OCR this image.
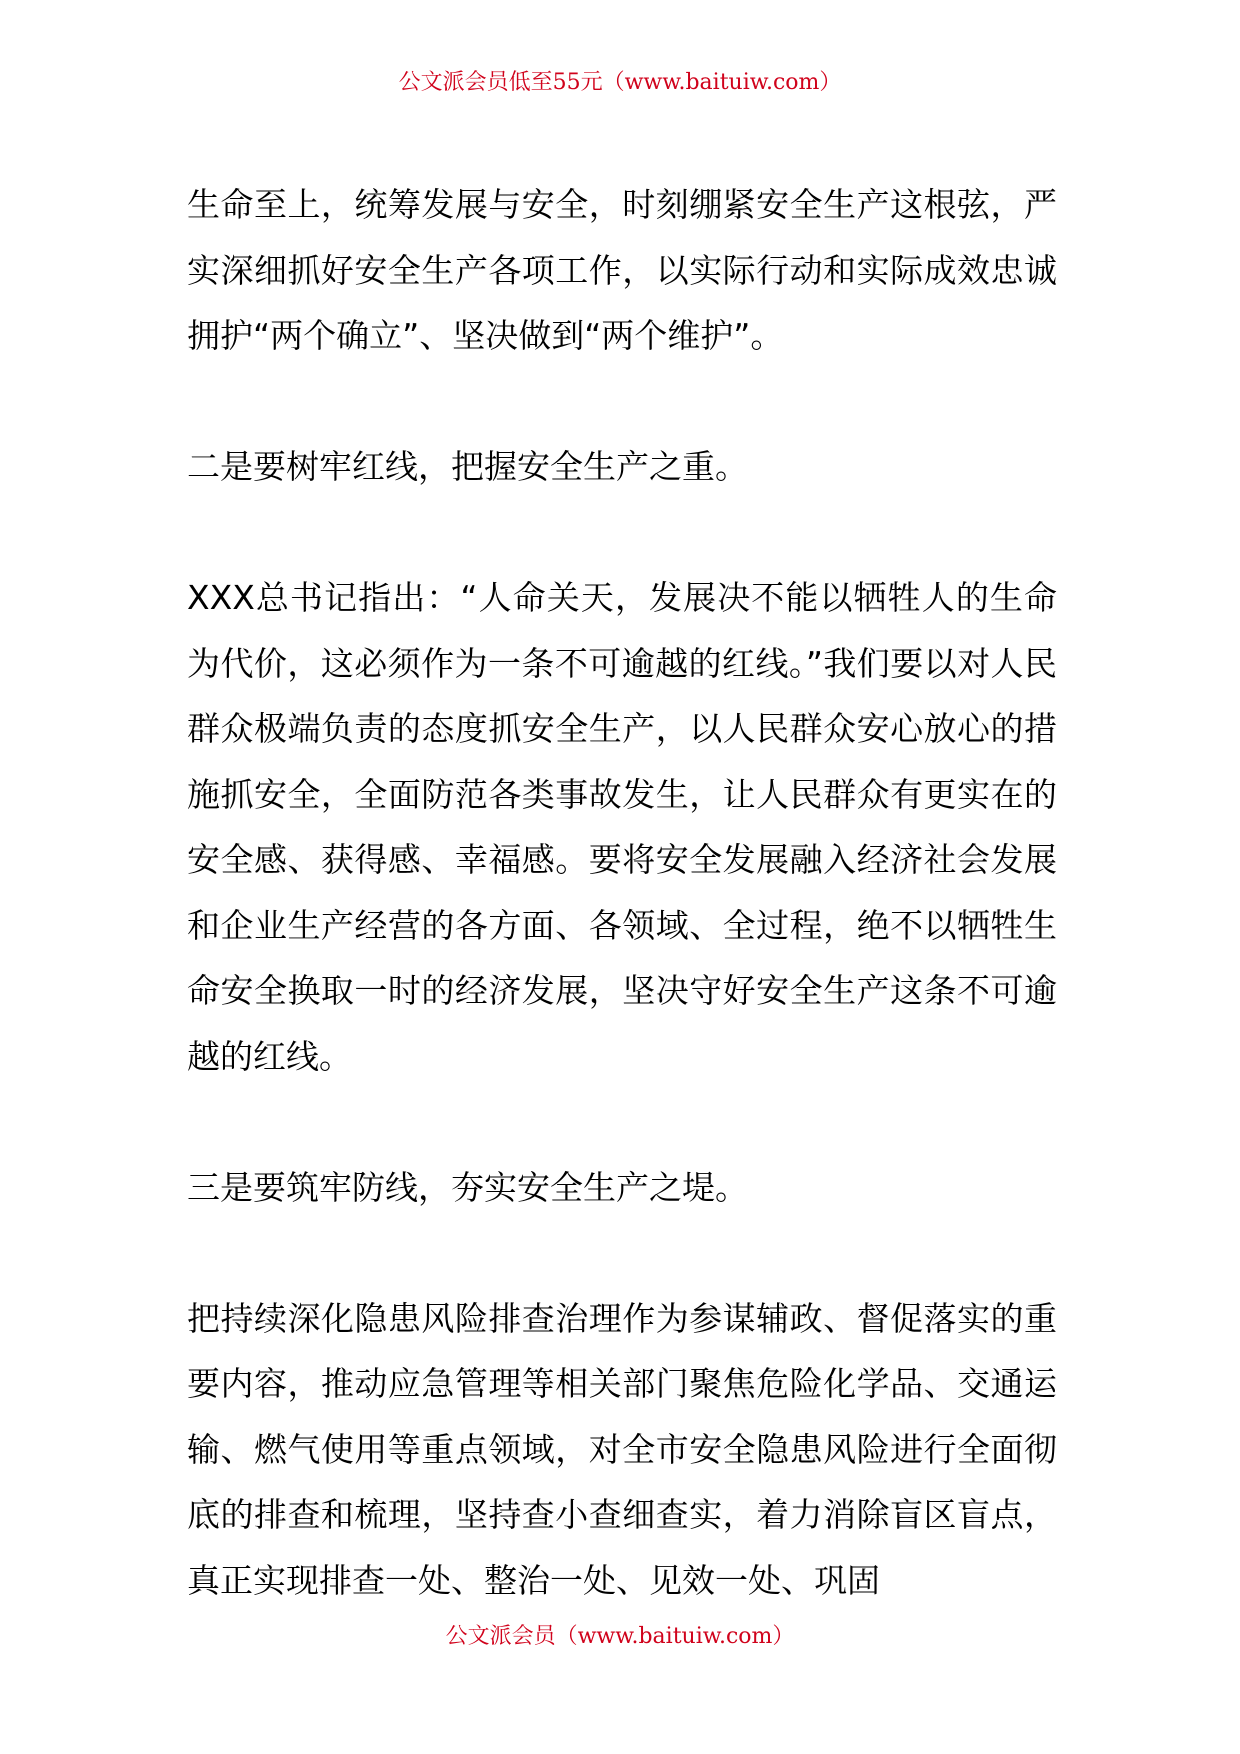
公文派会员低至55元（www.baituiw.com）

生命至上，统筹发展与安全，时刻绷紧安全生产这根弦，严实深细抓好安全生产各项工作，以实际行动和实际成效忠诚拥护“两个确立”、坚决做到“两个维护”。

二是要树牢红线，把握安全生产之重。

XXX总书记指出：“人命关天，发展决不能以牺牲人的生命为代价，这必须作为一条不可逾越的红线。”我们要以对人民群众极端负责的态度抓安全生产，以人民群众安心放心的措施抓安全，全面防范各类事故发生，让人民群众有更实在的安全感、获得感、幸福感。要将安全发展融入经济社会发展和企业生产经营的各方面、各领域、全过程，绝不以牺牲生命安全换取一时的经济发展，坚决守好安全生产这条不可逾越的红线。

三是要筑牢防线，夯实安全生产之堤。

把持续深化隐患风险排查治理作为参谋辅政、督促落实的重要内容，推动应急管理等相关部门聚焦危险化学品、交通运输、燃气使用等重点领域，对全市安全隐患风险进行全面彻底的排查和梳理，坚持查小查细查实，着力消除盲区盲点，真正实现排查一处、整治一处、见效一处、巩固

公文派会员（www.baituiw.com）
